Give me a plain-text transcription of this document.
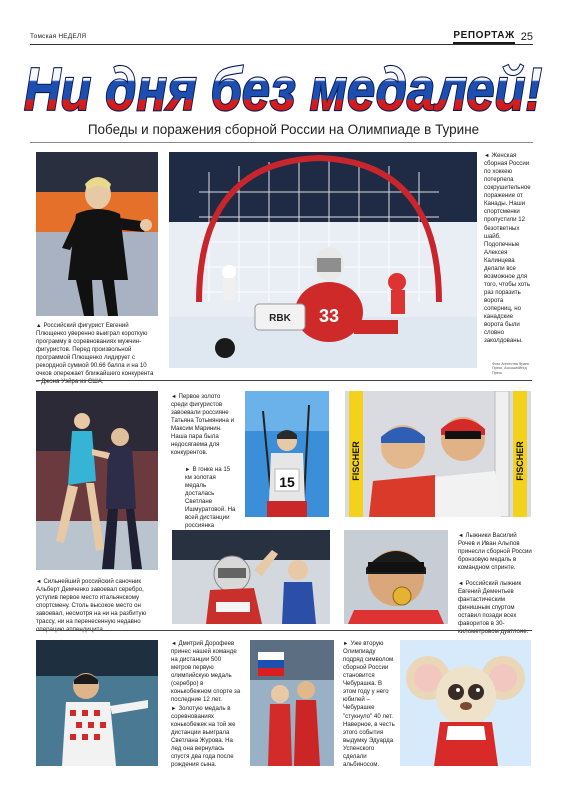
Томская НЕДЕЛЯ	РЕПОРТАЖ 25
Ни дня без медалей!
Победы и поражения сборной России на Олимпиаде в Турине
▲ Российский фигурист Евгений Плющенко уверенно выиграл короткую программу в соревнованиях мужчин-фигуристов. Перед произвольной программой Плющенко лидирует с рекордной суммой 90.66 балла и на 10 очков опережает ближайшего конкурента – Джона Уэйра из США.
33
RBK
◄ Женская сборная России по хоккею потерпела сокрушительное поражение от Канады. Наши спортсменки пропустили 12 безответных шайб. Подопечные Алексея Калинцева делали все возможное для того, чтобы хоть раз поразить ворота соперниц, но канадские ворота были словно заколдованы.
Фото Агентства Франс Пресс, Ассошиэйтед Пресс.
◄ Сильнейший российский саночник Альберт Демченко завоевал серебро, уступив первое место итальянскому спортсмену. Столь высокое место он завоевал, несмотря на ни на разбитую трассу, ни на перенесенную недавно операцию аппендицита.
◄ Первое золото среди фигуристов завоевали россияне Татьяна Тотьмянина и Максим Маринин. Наша пара была недосягаема для конкурентов.
► В гонке на 15 км золотая медаль досталась Светлане Ишмуратовой. На всей дистанции россиянка
15
FISCHER	FISCHER
◄ Лыжники Василий Рочев и Иван Алыпов принесли сборной России бронзовую медаль в командном спринте.
◄ Российский лыжник Евгений Дементьев фантастическим финишным спуртом оставил позади всех фаворитов в 30-километровом дуатлоне.
◄ Дмитрий Дорофеев принес нашей команде на дистанции 500 метров первую олимпийскую медаль (серебро) в конькобежном спорте за последние 12 лет.
► Золотую медаль в соревнованиях конькобежек на той же дистанции выиграла Светлана Журова. На лед она вернулась спустя два года после рождения сына.
► Уже вторую Олимпиаду подряд символом сборной России становится Чебурашка. В этом году у него юбилей – Чебурашке "стукнуло" 40 лет. Наверное, в честь этого события выдумку Эдуарда Успенского сделали альбиносом.
